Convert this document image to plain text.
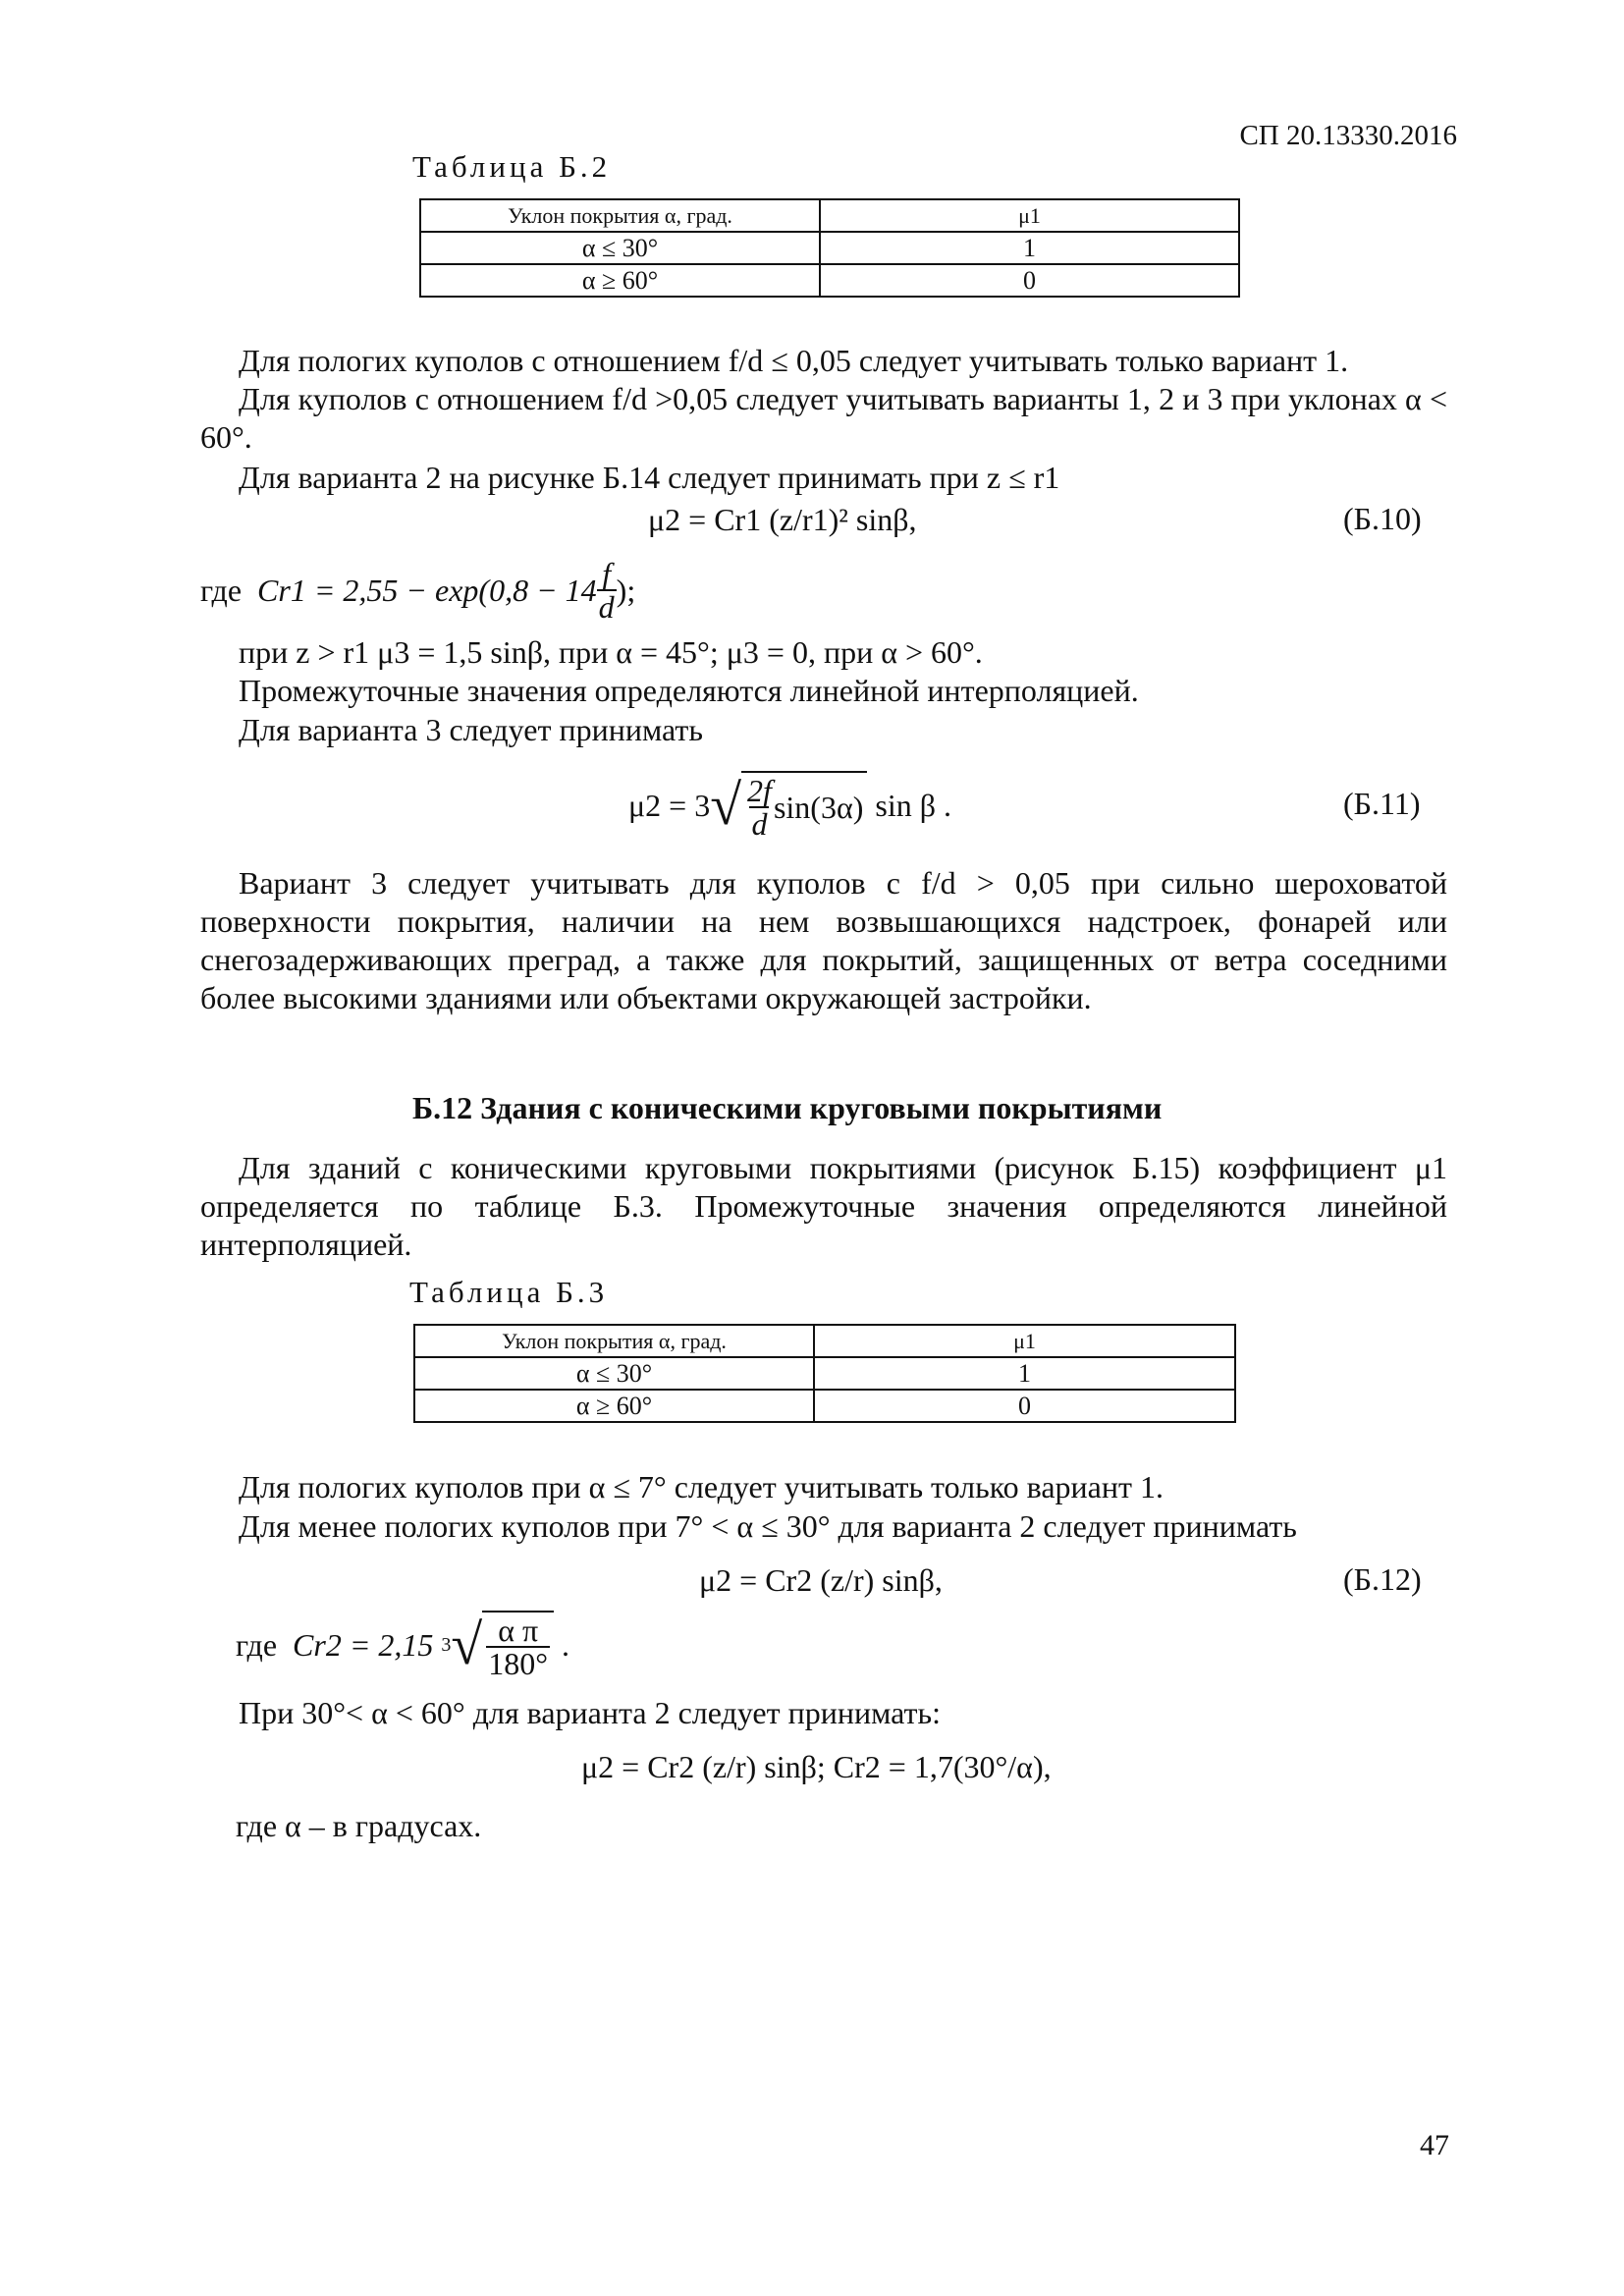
СП 20.13330.2016
Таблица Б.2
Уклон покрытия α, град.	μ1
α ≤ 30°	1
α ≥ 60°	0
Для пологих куполов с отношением f/d ≤ 0,05 следует учитывать только вариант 1.
Для куполов с отношением f/d >0,05 следует учитывать варианты 1, 2 и 3 при уклонах α < 60°.
Для варианта 2 на рисунке Б.14 следует принимать при z ≤ r1
μ2 = Cr1 (z/r1)² sinβ,	(Б.10)
где
$Cr1 = 2,55 - \exp(0,8 - 14 \frac{f}{d}$ );
при z > r1 μ3 = 1,5 sinβ, при α = 45°; μ3 = 0, при α > 60°.
Промежуточные значения определяются линейной интерполяцией.
Для варианта 3 следует принимать
μ2 = 3 √ $\frac{2f}{d} \sin(3\alpha)$
sin β .	(Б.11)
Вариант 3 следует учитывать для куполов с f/d > 0,05 при сильно шероховатой поверхности покрытия, наличии на нем возвышающихся надстроек, фонарей или снегозадерживающих преград, а также для покрытий, защищенных от ветра соседними более высокими зданиями или объектами окружающей застройки.
Б.12 Здания с коническими круговыми покрытиями
Для зданий с коническими круговыми покрытиями (рисунок Б.15) коэффициент μ1 определяется по таблице Б.3. Промежуточные значения определяются линейной интерполяцией.
Таблица Б.3
Уклон покрытия α, град.	μ1
α ≤ 30°	1
α ≥ 60°	0
Для пологих куполов при α ≤ 7° следует учитывать только вариант 1.
Для менее пологих куполов при 7° < α ≤ 30° для варианта 2 следует принимать
μ2 = Cr2 (z/r) sinβ,	(Б.12)
где
Cr2 = 2,15
3 √ $\frac{\text{α π}}{180^\circ}$
.
При 30°< α < 60° для варианта 2 следует принимать:
μ2 = Cr2 (z/r) sinβ; Cr2 = 1,7(30°/α),
где α – в градусах.
47
